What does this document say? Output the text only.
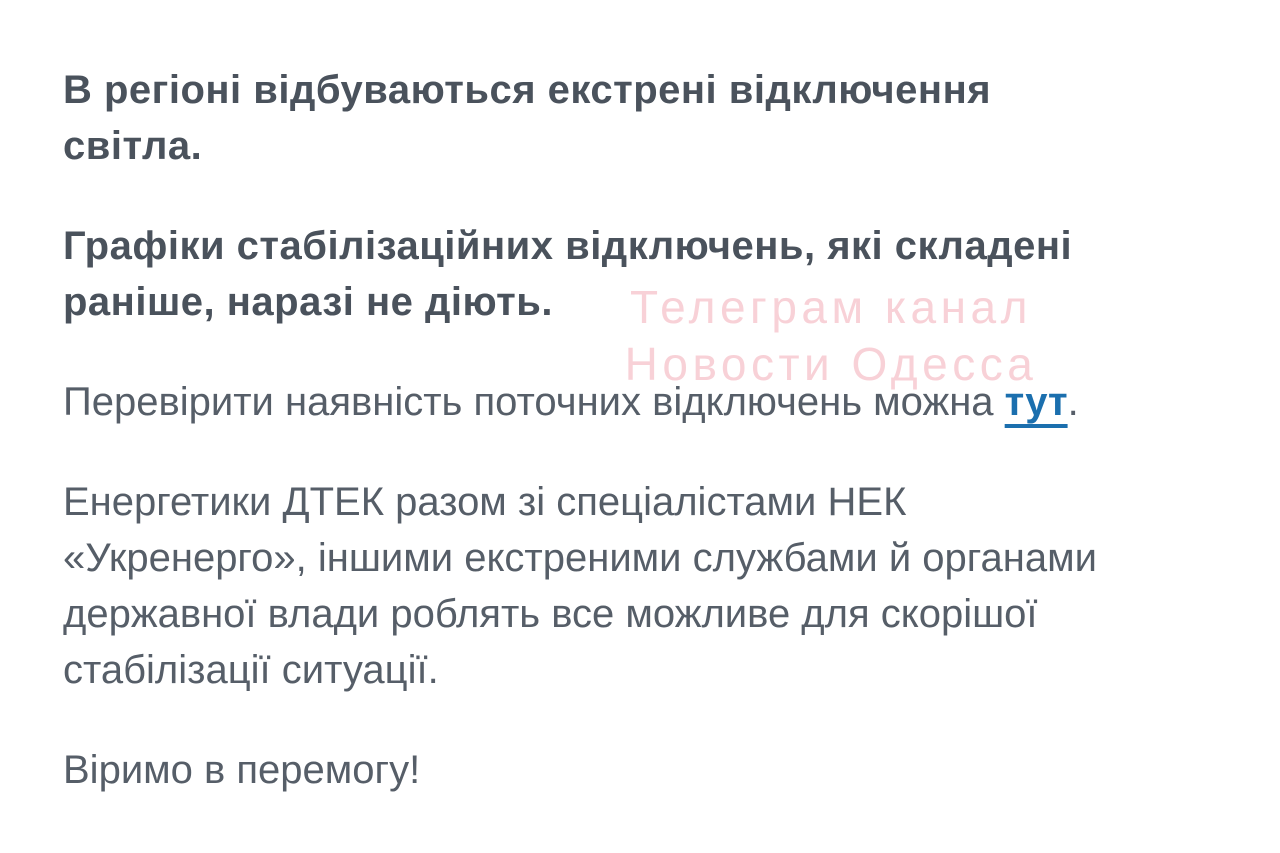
В регіоні відбуваються екстрені відключення
світла.

Графіки стабілізаційних відключень, які складені
раніше, наразі не діють.

Перевірити наявність поточних відключень можна тут.

Енергетики ДТЕК разом зі спеціалістами НЕК
«Укренерго», іншими екстреними службами й органами
державної влади роблять все можливе для скорішої
стабілізації ситуації.

Віримо в перемогу!

Телеграм канал
Новости Одесса
